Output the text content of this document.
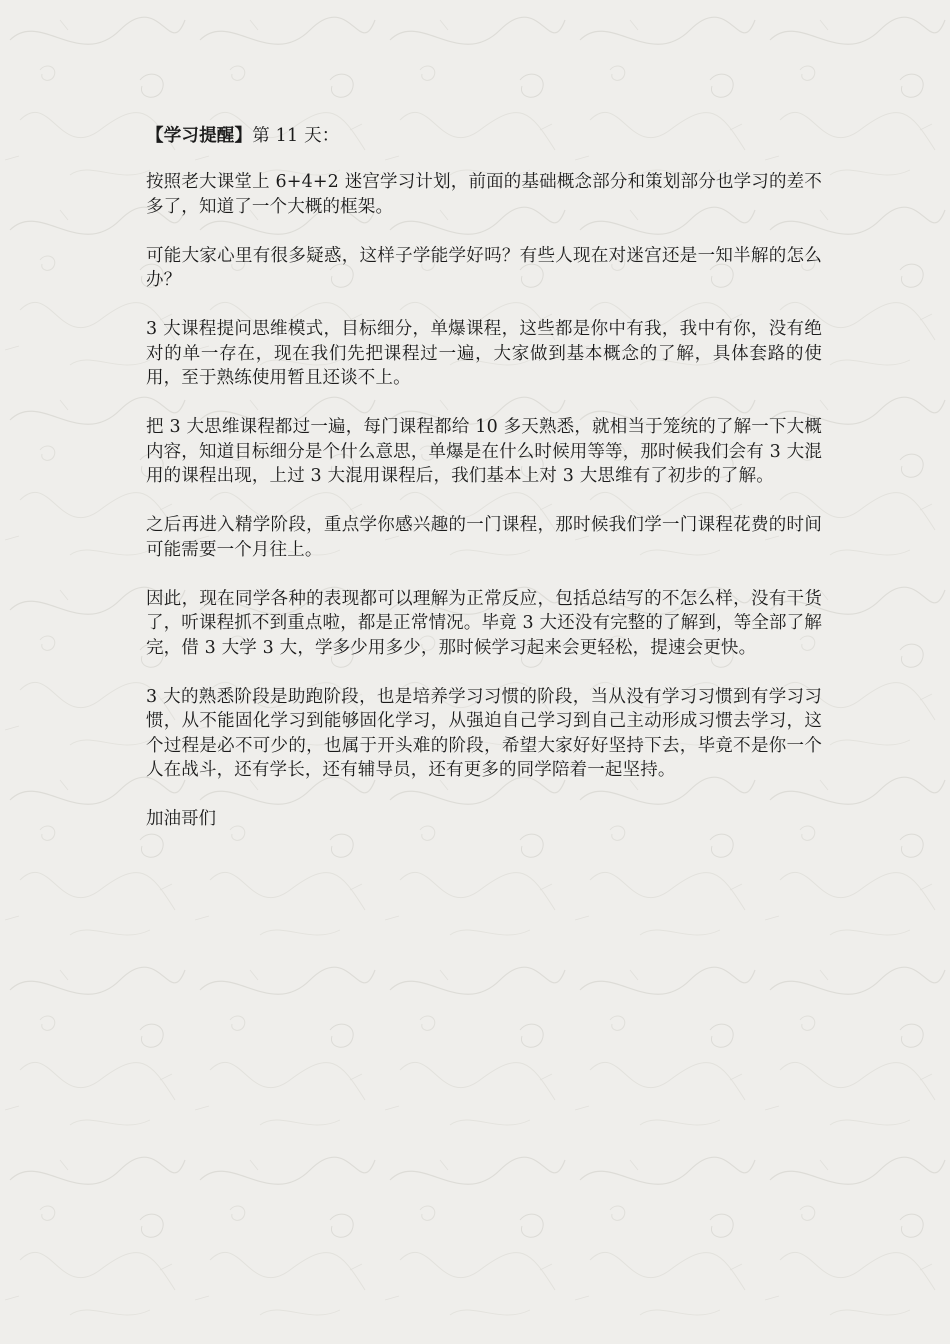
【学习提醒】第 11 天：

按照老大课堂上 6+4+2 迷宫学习计划，前面的基础概念部分和策划部分也学习的差不多了，知道了一个大概的框架。

可能大家心里有很多疑惑，这样子学能学好吗？有些人现在对迷宫还是一知半解的怎么办？

3 大课程提问思维模式，目标细分，单爆课程，这些都是你中有我，我中有你，没有绝对的单一存在，现在我们先把课程过一遍，大家做到基本概念的了解，具体套路的使用，至于熟练使用暂且还谈不上。

把 3 大思维课程都过一遍，每门课程都给 10 多天熟悉，就相当于笼统的了解一下大概内容，知道目标细分是个什么意思，单爆是在什么时候用等等，那时候我们会有 3 大混用的课程出现，上过 3 大混用课程后，我们基本上对 3 大思维有了初步的了解。

之后再进入精学阶段，重点学你感兴趣的一门课程，那时候我们学一门课程花费的时间可能需要一个月往上。

因此，现在同学各种的表现都可以理解为正常反应，包括总结写的不怎么样，没有干货了，听课程抓不到重点啦，都是正常情况。毕竟 3 大还没有完整的了解到，等全部了解完，借 3 大学 3 大，学多少用多少，那时候学习起来会更轻松，提速会更快。

3 大的熟悉阶段是助跑阶段，也是培养学习习惯的阶段，当从没有学习习惯到有学习习惯，从不能固化学习到能够固化学习，从强迫自己学习到自己主动形成习惯去学习，这个过程是必不可少的，也属于开头难的阶段，希望大家好好坚持下去，毕竟不是你一个人在战斗，还有学长，还有辅导员，还有更多的同学陪着一起坚持。

加油哥们
